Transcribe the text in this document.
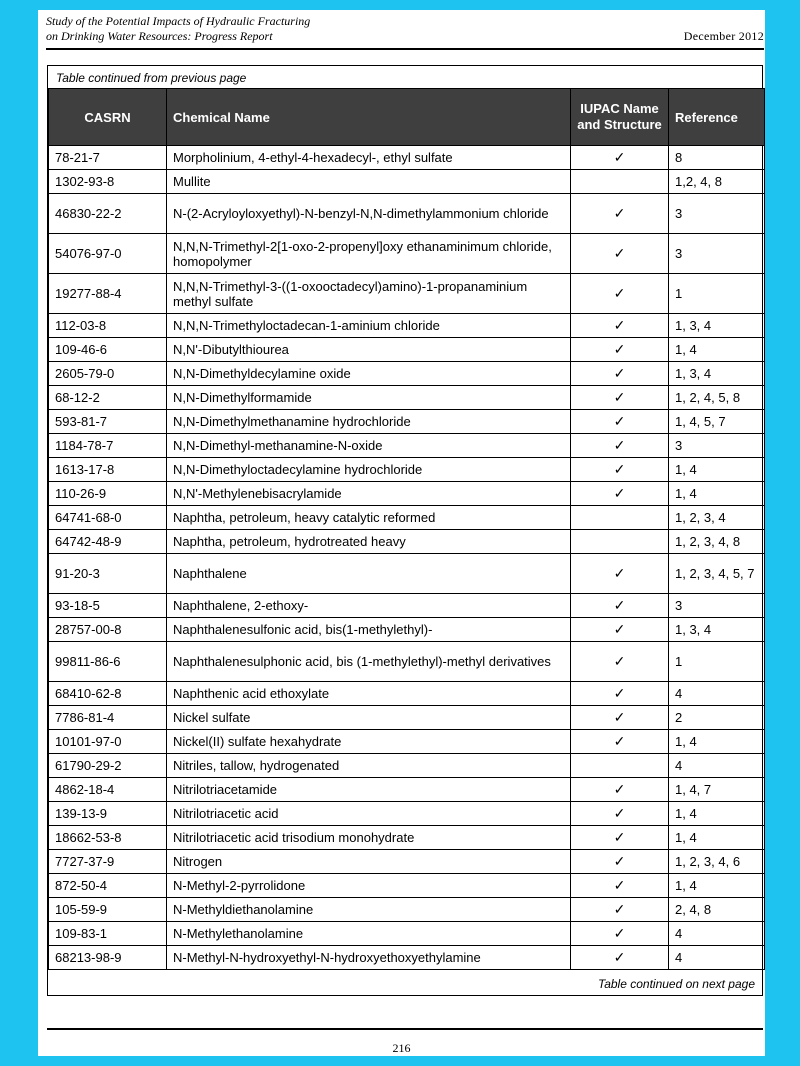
Study of the Potential Impacts of Hydraulic Fracturing
on Drinking Water Resources: Progress Report	December 2012
Table continued from previous page
CASRN	Chemical Name	IUPAC Name and Structure	Reference
78-21-7	Morpholinium, 4-ethyl-4-hexadecyl-, ethyl sulfate	✓	8
1302-93-8	Mullite		1,2, 4, 8
46830-22-2	N-(2-Acryloyloxyethyl)-N-benzyl-N,N-dimethylammonium chloride	✓	3
54076-97-0	N,N,N-Trimethyl-2[1-oxo-2-propenyl]oxy ethanaminimum chloride, homopolymer	✓	3
19277-88-4	N,N,N-Trimethyl-3-((1-oxooctadecyl)amino)-1-propanaminium methyl sulfate	✓	1
112-03-8	N,N,N-Trimethyloctadecan-1-aminium chloride	✓	1, 3, 4
109-46-6	N,N'-Dibutylthiourea	✓	1, 4
2605-79-0	N,N-Dimethyldecylamine oxide	✓	1, 3, 4
68-12-2	N,N-Dimethylformamide	✓	1, 2, 4, 5, 8
593-81-7	N,N-Dimethylmethanamine hydrochloride	✓	1, 4, 5, 7
1184-78-7	N,N-Dimethyl-methanamine-N-oxide	✓	3
1613-17-8	N,N-Dimethyloctadecylamine hydrochloride	✓	1, 4
110-26-9	N,N'-Methylenebisacrylamide	✓	1, 4
64741-68-0	Naphtha, petroleum, heavy catalytic reformed		1, 2, 3, 4
64742-48-9	Naphtha, petroleum, hydrotreated heavy		1, 2, 3, 4, 8
91-20-3	Naphthalene	✓	1, 2, 3, 4, 5, 7
93-18-5	Naphthalene, 2-ethoxy-	✓	3
28757-00-8	Naphthalenesulfonic acid, bis(1-methylethyl)-	✓	1, 3, 4
99811-86-6	Naphthalenesulphonic acid, bis (1-methylethyl)-methyl derivatives	✓	1
68410-62-8	Naphthenic acid ethoxylate	✓	4
7786-81-4	Nickel sulfate	✓	2
10101-97-0	Nickel(II) sulfate hexahydrate	✓	1, 4
61790-29-2	Nitriles, tallow, hydrogenated		4
4862-18-4	Nitrilotriacetamide	✓	1, 4, 7
139-13-9	Nitrilotriacetic acid	✓	1, 4
18662-53-8	Nitrilotriacetic acid trisodium monohydrate	✓	1, 4
7727-37-9	Nitrogen	✓	1, 2, 3, 4, 6
872-50-4	N-Methyl-2-pyrrolidone	✓	1, 4
105-59-9	N-Methyldiethanolamine	✓	2, 4, 8
109-83-1	N-Methylethanolamine	✓	4
68213-98-9	N-Methyl-N-hydroxyethyl-N-hydroxyethoxyethylamine	✓	4
Table continued on next page
216
